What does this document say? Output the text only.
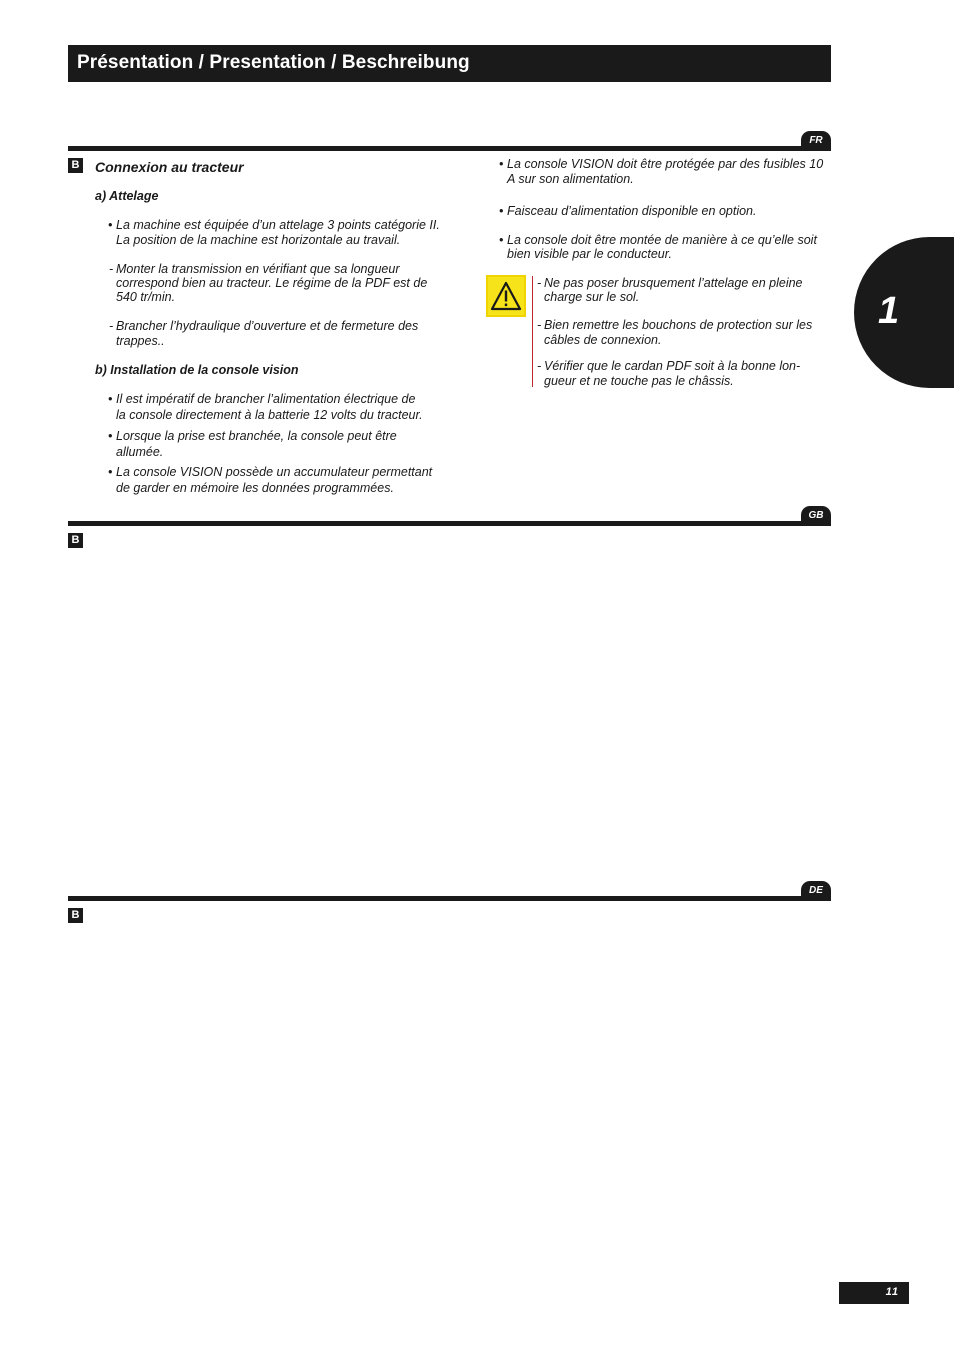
Présentation / Presentation / Beschreibung
1
FR
B Connexion au tracteur
a) Attelage
• La machine est équipée d’un attelage 3 points catégorie II.
La position de la machine est horizontale au travail.
- Monter la transmission en vérifiant que sa longueur
correspond bien au tracteur. Le régime de la PDF est de
540 tr/min.
- Brancher l’hydraulique d’ouverture et de fermeture des
trappes..
b) Installation de la console vision
• Il est impératif de brancher l’alimentation électrique de
la console directement à la batterie 12 volts du tracteur.
• Lorsque la prise est branchée, la console peut être
allumée.
• La console VISION possède un accumulateur permettant
de garder en mémoire les données programmées.
• La console VISION doit être protégée par des fusibles 10
A sur son alimentation.
• Faisceau d’alimentation disponible en option.
• La console doit être montée de manière à ce qu’elle soit
bien visible par le conducteur.
- Ne pas poser brusquement l’attelage en pleine
charge sur le sol.
- Bien remettre les bouchons de protection sur les
câbles de connexion.
- Vérifier que le cardan PDF soit à la bonne lon-
gueur et ne touche pas le châssis.
GB
B
DE
B
11
